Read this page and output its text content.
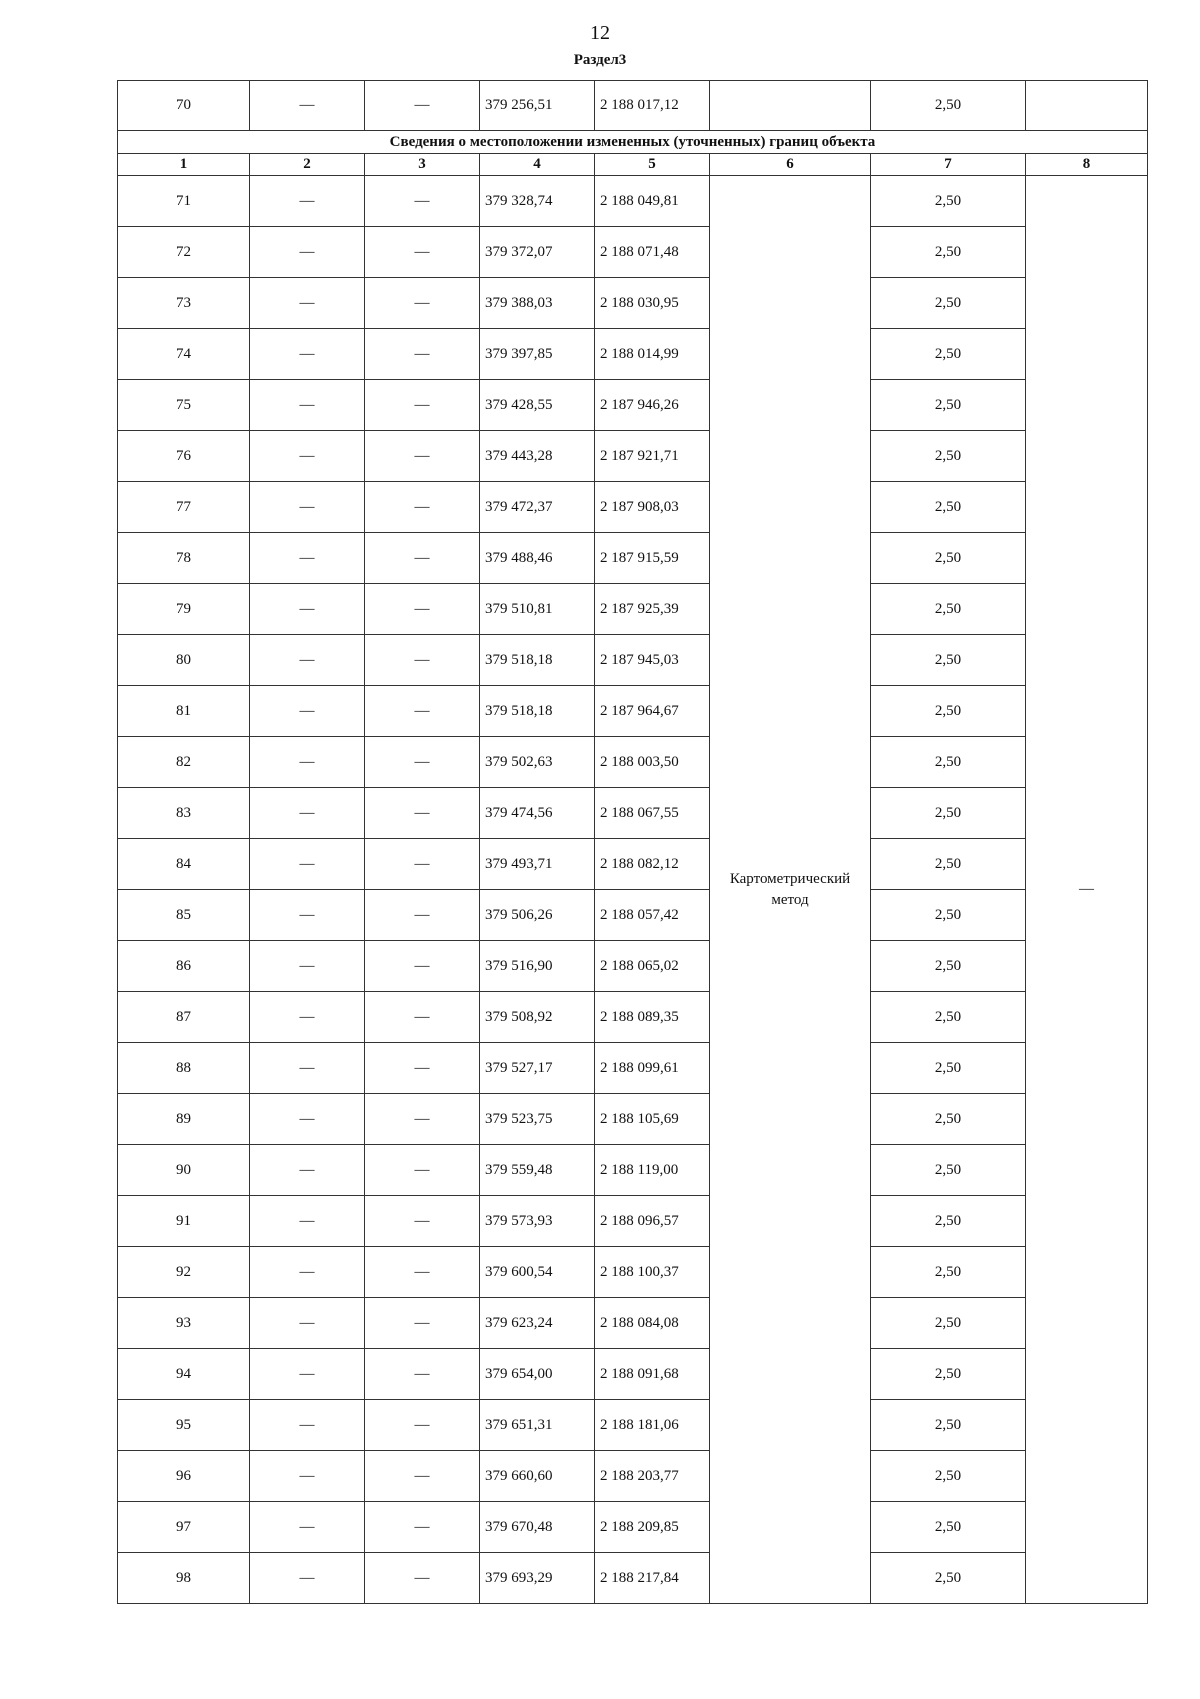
12
Раздел3
70	—	—	379 256,51	2 188 017,12		2,50	
Сведения о местоположении измененных (уточненных) границ объекта							
1	2	3	4	5	6	7	8
71	—	—	379 328,74	2 188 049,81	Картометрический метод	2,50	—
72	—	—	379 372,07	2 188 071,48		2,50	
73	—	—	379 388,03	2 188 030,95		2,50	
74	—	—	379 397,85	2 188 014,99		2,50	
75	—	—	379 428,55	2 187 946,26		2,50	
76	—	—	379 443,28	2 187 921,71		2,50	
77	—	—	379 472,37	2 187 908,03		2,50	
78	—	—	379 488,46	2 187 915,59		2,50	
79	—	—	379 510,81	2 187 925,39		2,50	
80	—	—	379 518,18	2 187 945,03		2,50	
81	—	—	379 518,18	2 187 964,67		2,50	
82	—	—	379 502,63	2 188 003,50		2,50	
83	—	—	379 474,56	2 188 067,55		2,50	
84	—	—	379 493,71	2 188 082,12		2,50	
85	—	—	379 506,26	2 188 057,42		2,50	
86	—	—	379 516,90	2 188 065,02		2,50	
87	—	—	379 508,92	2 188 089,35		2,50	
88	—	—	379 527,17	2 188 099,61		2,50	
89	—	—	379 523,75	2 188 105,69		2,50	
90	—	—	379 559,48	2 188 119,00		2,50	
91	—	—	379 573,93	2 188 096,57		2,50	
92	—	—	379 600,54	2 188 100,37		2,50	
93	—	—	379 623,24	2 188 084,08		2,50	
94	—	—	379 654,00	2 188 091,68		2,50	
95	—	—	379 651,31	2 188 181,06		2,50	
96	—	—	379 660,60	2 188 203,77		2,50	
97	—	—	379 670,48	2 188 209,85		2,50	
98	—	—	379 693,29	2 188 217,84		2,50	
